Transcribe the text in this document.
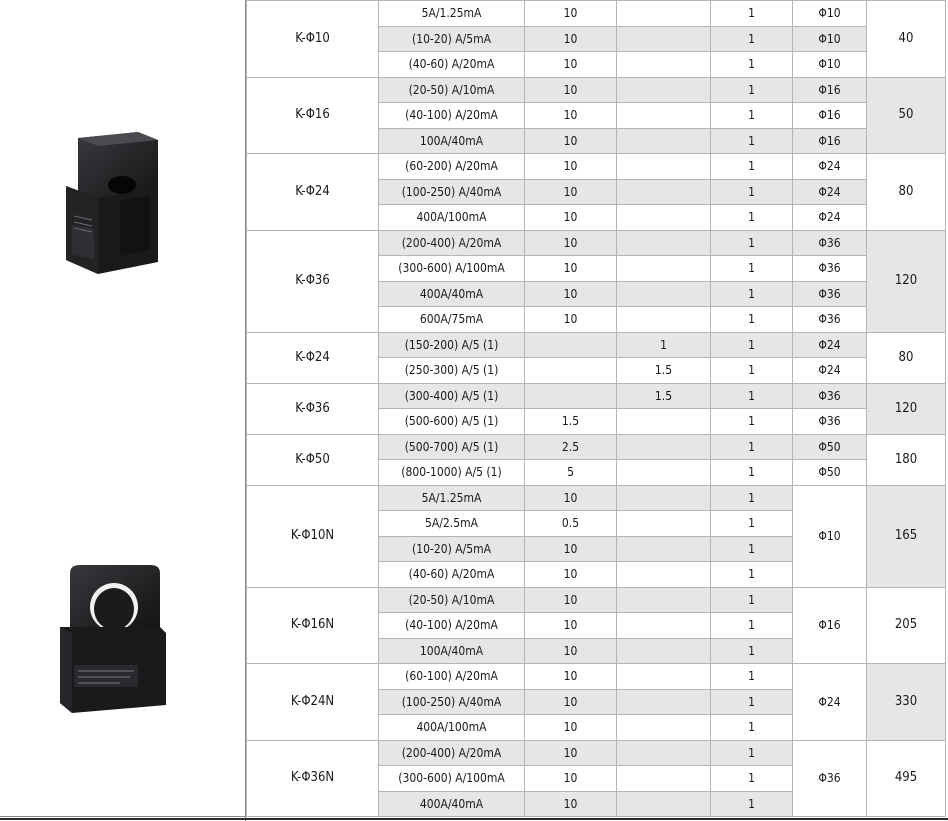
K-Φ10	5A/1.25mA	10		1	Φ10	40
	(10-20) A/5mA	10		1	Φ10	
	(40-60) A/20mA	10		1	Φ10	
K-Φ16	(20-50) A/10mA	10		1	Φ16	50
	(40-100) A/20mA	10		1	Φ16	
	100A/40mA	10		1	Φ16	
K-Φ24	(60-200) A/20mA	10		1	Φ24	80
	(100-250) A/40mA	10		1	Φ24	
	400A/100mA	10		1	Φ24	
K-Φ36	(200-400) A/20mA	10		1	Φ36	120
	(300-600) A/100mA	10		1	Φ36	
	400A/40mA	10		1	Φ36	
	600A/75mA	10		1	Φ36	
K-Φ24	(150-200) A/5 (1)		1	1	Φ24	80
	(250-300) A/5 (1)		1.5	1	Φ24	
K-Φ36	(300-400) A/5 (1)		1.5	1	Φ36	120
	(500-600) A/5 (1)	1.5		1	Φ36	
K-Φ50	(500-700) A/5 (1)	2.5		1	Φ50	180
	(800-1000) A/5 (1)	5		1	Φ50	
K-Φ10N	5A/1.25mA	10		1	Φ10	165
	5A/2.5mA	0.5		1		
	(10-20) A/5mA	10		1		
	(40-60) A/20mA	10		1		
K-Φ16N	(20-50) A/10mA	10		1	Φ16	205
	(40-100) A/20mA	10		1		
	100A/40mA	10		1		
K-Φ24N	(60-100) A/20mA	10		1	Φ24	330
	(100-250) A/40mA	10		1		
	400A/100mA	10		1		
K-Φ36N	(200-400) A/20mA	10		1	Φ36	495
	(300-600) A/100mA	10		1		
	400A/40mA	10		1		
